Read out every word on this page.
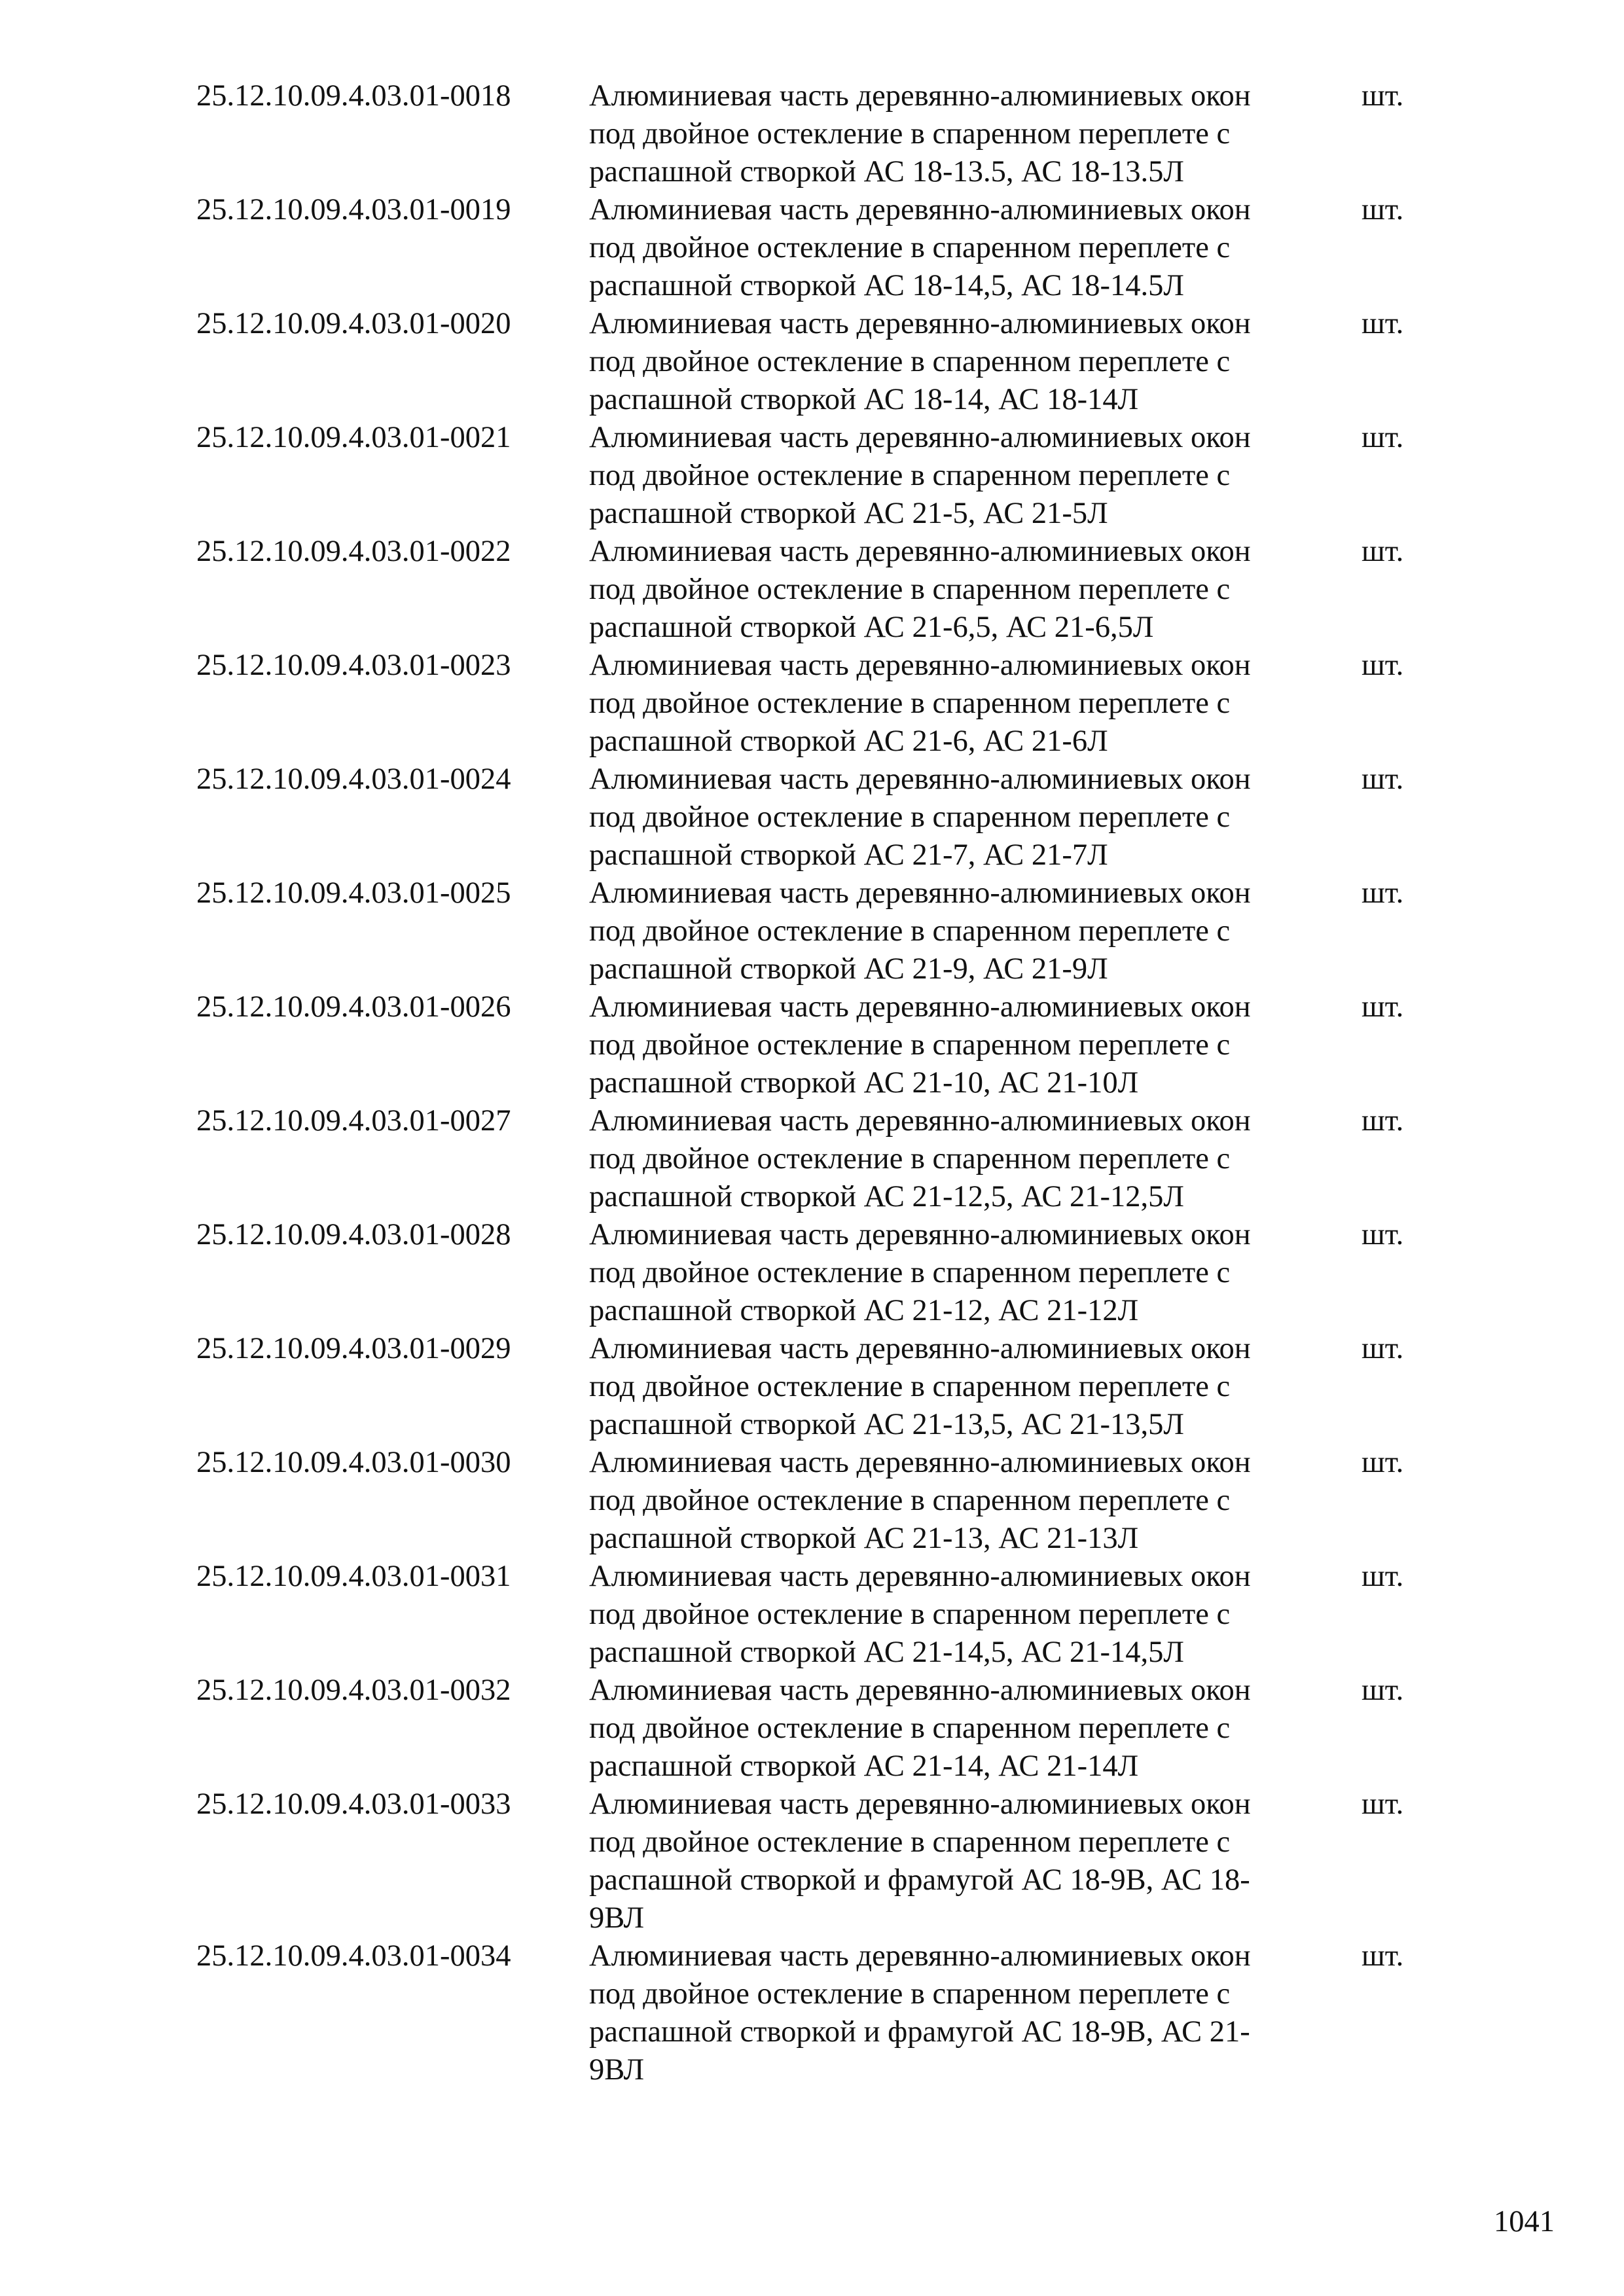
25.12.10.09.4.03.01-0018	Алюминиевая часть деревянно-алюминиевых окон
под двойное остекление в спаренном переплете с
распашной створкой АС 18-13.5, АС 18-13.5Л
шт.
25.12.10.09.4.03.01-0019	Алюминиевая часть деревянно-алюминиевых окон
под двойное остекление в спаренном переплете с
распашной створкой АС 18-14,5, АС 18-14.5Л
шт.
25.12.10.09.4.03.01-0020	Алюминиевая часть деревянно-алюминиевых окон
под двойное остекление в спаренном переплете с
распашной створкой АС 18-14, АС 18-14Л
шт.
25.12.10.09.4.03.01-0021	Алюминиевая часть деревянно-алюминиевых окон
под двойное остекление в спаренном переплете с
распашной створкой АС 21-5, АС 21-5Л
шт.
25.12.10.09.4.03.01-0022	Алюминиевая часть деревянно-алюминиевых окон
под двойное остекление в спаренном переплете с
распашной створкой АС 21-6,5, АС 21-6,5Л
шт.
25.12.10.09.4.03.01-0023	Алюминиевая часть деревянно-алюминиевых окон
под двойное остекление в спаренном переплете с
распашной створкой АС 21-6, АС 21-6Л
шт.
25.12.10.09.4.03.01-0024	Алюминиевая часть деревянно-алюминиевых окон
под двойное остекление в спаренном переплете с
распашной створкой АС 21-7, АС 21-7Л
шт.
25.12.10.09.4.03.01-0025	Алюминиевая часть деревянно-алюминиевых окон
под двойное остекление в спаренном переплете с
распашной створкой АС 21-9, АС 21-9Л
шт.
25.12.10.09.4.03.01-0026	Алюминиевая часть деревянно-алюминиевых окон
под двойное остекление в спаренном переплете с
распашной створкой АС 21-10, АС 21-10Л
шт.
25.12.10.09.4.03.01-0027	Алюминиевая часть деревянно-алюминиевых окон
под двойное остекление в спаренном переплете с
распашной створкой АС 21-12,5, АС 21-12,5Л
шт.
25.12.10.09.4.03.01-0028	Алюминиевая часть деревянно-алюминиевых окон
под двойное остекление в спаренном переплете с
распашной створкой АС 21-12, АС 21-12Л
шт.
25.12.10.09.4.03.01-0029	Алюминиевая часть деревянно-алюминиевых окон
под двойное остекление в спаренном переплете с
распашной створкой АС 21-13,5, АС 21-13,5Л
шт.
25.12.10.09.4.03.01-0030	Алюминиевая часть деревянно-алюминиевых окон
под двойное остекление в спаренном переплете с
распашной створкой АС 21-13, АС 21-13Л
шт.
25.12.10.09.4.03.01-0031	Алюминиевая часть деревянно-алюминиевых окон
под двойное остекление в спаренном переплете с
распашной створкой АС 21-14,5, АС 21-14,5Л
шт.
25.12.10.09.4.03.01-0032	Алюминиевая часть деревянно-алюминиевых окон
под двойное остекление в спаренном переплете с
распашной створкой АС 21-14, АС 21-14Л
шт.
25.12.10.09.4.03.01-0033	Алюминиевая часть деревянно-алюминиевых окон
под двойное остекление в спаренном переплете с
распашной створкой и фрамугой АС 18-9В, АС 18-
9ВЛ
шт.
25.12.10.09.4.03.01-0034	Алюминиевая часть деревянно-алюминиевых окон
под двойное остекление в спаренном переплете с
распашной створкой и фрамугой АС 18-9В, АС 21-
9ВЛ
шт.
1041
